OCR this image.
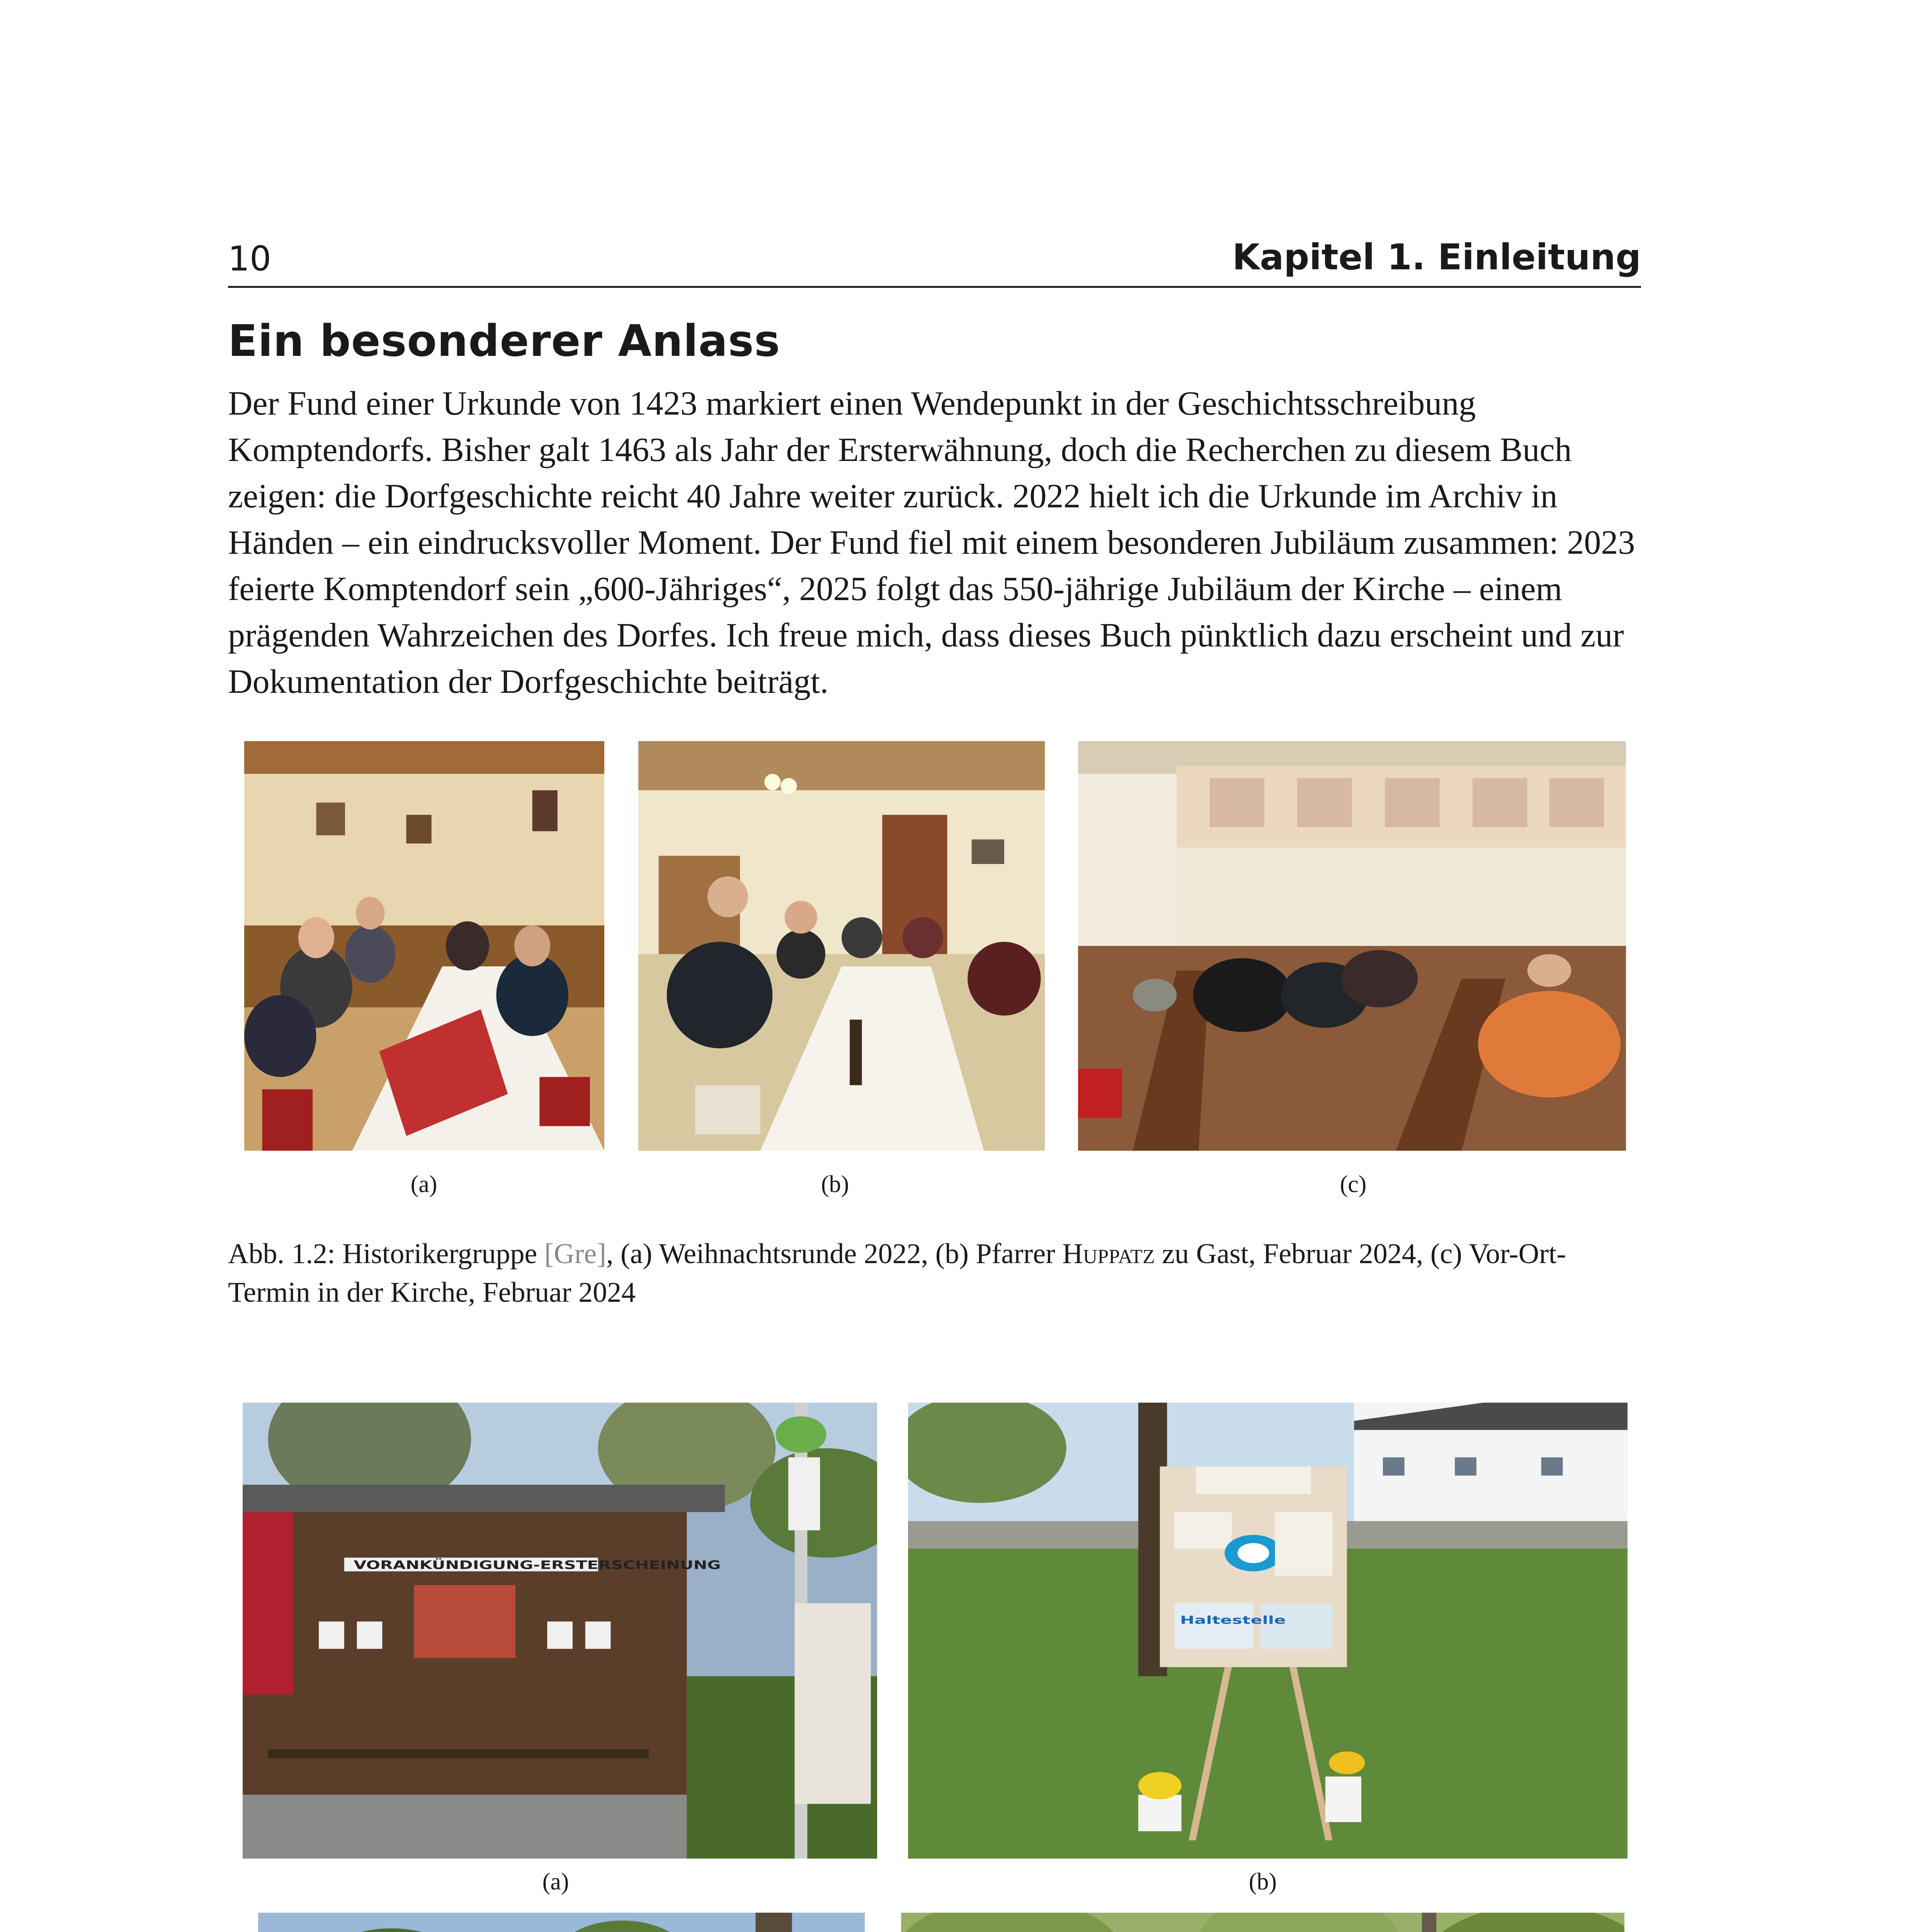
10	Kapitel 1. Einleitung
Ein besonderer Anlass

Der Fund einer Urkunde von 1423 markiert einen Wendepunkt in der Geschichtsschreibung Komptendorfs. Bisher galt 1463 als Jahr der Ersterwähnung, doch die Recherchen zu diesem Buch zeigen: die Dorfgeschichte reicht 40 Jahre weiter zurück. 2022 hielt ich die Urkunde im Archiv in Händen – ein eindrucksvoller Moment. Der Fund fiel mit einem besonderen Jubiläum zusammen: 2023 feierte Komptendorf sein „600-Jähriges“, 2025 folgt das 550-jährige Jubiläum der Kirche – einem prägenden Wahrzeichen des Dorfes. Ich freue mich, dass dieses Buch pünktlich dazu erscheint und zur Dokumentation der Dorfgeschichte beiträgt.

(a)	(b)	(c)

Abb. 1.2: Historikergruppe [Gre], (a) Weihnachtsrunde 2022, (b) Pfarrer Huppatz zu Gast, Februar 2024, (c) Vor-Ort-Termin in der Kirche, Februar 2024

VORANKÜNDIGUNG-ERSTERSCHEINUNG
Haltestelle
(a)	(b)
